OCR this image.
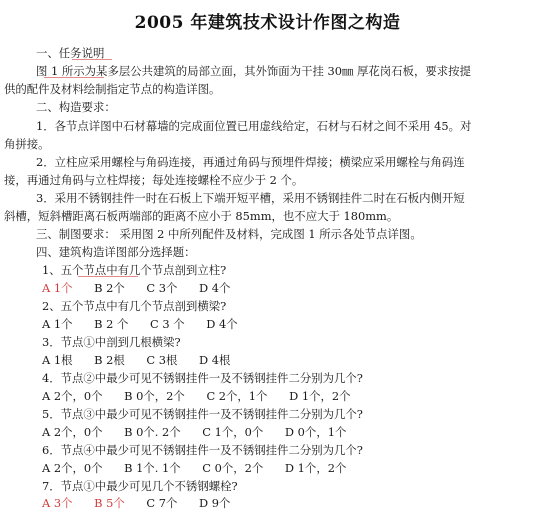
2005 年建筑技术设计作图之构造
一、任务说明
图 1 所示为某多层公共建筑的局部立面，其外饰面为干挂 30㎜ 厚花岗石板，要求按提
供的配件及材料绘制指定节点的构造详图。
二、构造要求：
1．各节点详图中石材幕墙的完成面位置已用虚线给定，石材与石材之间不采用 45。对
角拼接。
2．立柱应采用螺栓与角码连接，再通过角码与预埋件焊接；横梁应采用螺栓与角码连
接，再通过角码与立柱焊接；每处连接螺栓不应少于 2 个。
3．采用不锈钢挂件一时在石板上下端开短平槽，采用不锈钢挂件二时在石板内侧开短
斜槽，短斜槽距离石板两端部的距离不应小于 85mm，也不应大于 180mm。
三、制图要求： 采用图 2 中所列配件及材料，完成图 1 所示各处节点详图。
四、建筑构造详图部分选择题：
1、五个节点中有几个节点剖到立柱?
A 1个 B 2个 C 3个 D 4个
2、五个节点中有几个节点剖到横梁?
A 1个 B 2 个 C 3 个 D 4个
3．节点①中剖到几根横梁?
A 1根 B 2根 C 3根 D 4根
4．节点②中最少可见不锈钢挂件一及不锈钢挂件二分别为几个?
A 2个，0个 B 0个，2个 C 2个，1个 D 1个，2个
5．节点③中最少可见不锈钢挂件一及不锈钢挂件二分别为几个?
A 2个，0个 B 0个. 2个 C 1个，0个 D 0个，1个
6．节点④中最少可见不锈钢挂件一及不锈钢挂件二分别为几个?
A 2个，0个 B 1个. 1个 C 0个，2个 D 1个，2个
7．节点①中最少可见几个不锈钢螺栓?
A 3个 B 5个 C 7个 D 9个
